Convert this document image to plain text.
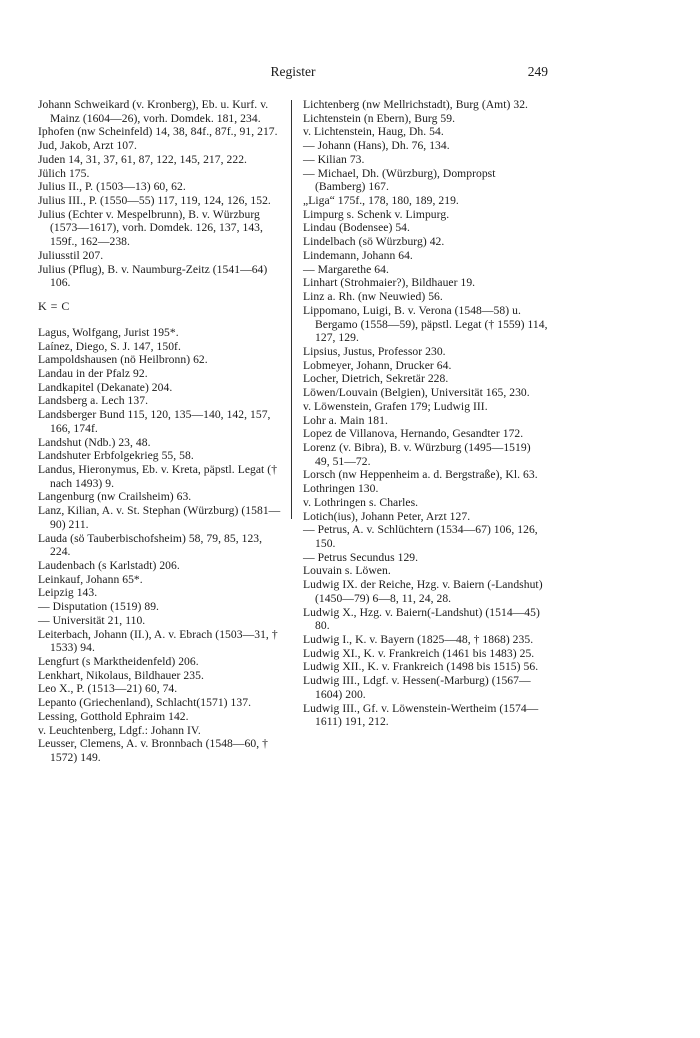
Register	249

Johann Schweikard (v. Kronberg), Eb. u. Kurf. v. Mainz (1604—26), vorh. Domdek. 181, 234.

Iphofen (nw Scheinfeld) 14, 38, 84f., 87f., 91, 217.

Jud, Jakob, Arzt 107.

Juden 14, 31, 37, 61, 87, 122, 145, 217, 222.

Jülich 175.

Julius II., P. (1503—13) 60, 62.

Julius III., P. (1550—55) 117, 119, 124, 126, 152.

Julius (Echter v. Mespelbrunn), B. v. Würzburg (1573—1617), vorh. Domdek. 126, 137, 143, 159f., 162—238.

Juliusstil 207.

Julius (Pflug), B. v. Naumburg-Zeitz (1541—64) 106.

K = C

Lagus, Wolfgang, Jurist 195*.

Laínez, Diego, S. J. 147, 150f.

Lampoldshausen (nö Heilbronn) 62.

Landau in der Pfalz 92.

Landkapitel (Dekanate) 204.

Landsberg a. Lech 137.

Landsberger Bund 115, 120, 135—140, 142, 157, 166, 174f.

Landshut (Ndb.) 23, 48.

Landshuter Erbfolgekrieg 55, 58.

Landus, Hieronymus, Eb. v. Kreta, päpstl. Legat († nach 1493) 9.

Langenburg (nw Crailsheim) 63.

Lanz, Kilian, A. v. St. Stephan (Würzburg) (1581—90) 211.

Lauda (sö Tauberbischofsheim) 58, 79, 85, 123, 224.

Laudenbach (s Karlstadt) 206.

Leinkauf, Johann 65*.

Leipzig 143.

— Disputation (1519) 89.

— Universität 21, 110.

Leiterbach, Johann (II.), A. v. Ebrach (1503—31, † 1533) 94.

Lengfurt (s Marktheidenfeld) 206.

Lenkhart, Nikolaus, Bildhauer 235.

Leo X., P. (1513—21) 60, 74.

Lepanto (Griechenland), Schlacht(1571) 137.

Lessing, Gotthold Ephraim 142.

v. Leuchtenberg, Ldgf.: Johann IV.

Leusser, Clemens, A. v. Bronnbach (1548—60, † 1572) 149.

Lichtenberg (nw Mellrichstadt), Burg (Amt) 32.

Lichtenstein (n Ebern), Burg 59.

v. Lichtenstein, Haug, Dh. 54.

— Johann (Hans), Dh. 76, 134.

— Kilian 73.

— Michael, Dh. (Würzburg), Dompropst (Bamberg) 167.

„Liga“ 175f., 178, 180, 189, 219.

Limpurg s. Schenk v. Limpurg.

Lindau (Bodensee) 54.

Lindelbach (sö Würzburg) 42.

Lindemann, Johann 64.

— Margarethe 64.

Linhart (Strohmaier?), Bildhauer 19.

Linz a. Rh. (nw Neuwied) 56.

Lippomano, Luigi, B. v. Verona (1548—58) u. Bergamo (1558—59), päpstl. Legat († 1559) 114, 127, 129.

Lipsius, Justus, Professor 230.

Lobmeyer, Johann, Drucker 64.

Locher, Dietrich, Sekretär 228.

Löwen/Louvain (Belgien), Universität 165, 230.

v. Löwenstein, Grafen 179; Ludwig III.

Lohr a. Main 181.

Lopez de Villanova, Hernando, Gesandter 172.

Lorenz (v. Bibra), B. v. Würzburg (1495—1519) 49, 51—72.

Lorsch (nw Heppenheim a. d. Bergstraße), Kl. 63.

Lothringen 130.

v. Lothringen s. Charles.

Lotich(ius), Johann Peter, Arzt 127.

— Petrus, A. v. Schlüchtern (1534—67) 106, 126, 150.

— Petrus Secundus 129.

Louvain s. Löwen.

Ludwig IX. der Reiche, Hzg. v. Baiern (-Landshut) (1450—79) 6—8, 11, 24, 28.

Ludwig X., Hzg. v. Baiern(-Landshut) (1514—45) 80.

Ludwig I., K. v. Bayern (1825—48, † 1868) 235.

Ludwig XI., K. v. Frankreich (1461 bis 1483) 25.

Ludwig XII., K. v. Frankreich (1498 bis 1515) 56.

Ludwig III., Ldgf. v. Hessen(-Marburg) (1567—1604) 200.

Ludwig III., Gf. v. Löwenstein-Wertheim (1574—1611) 191, 212.
